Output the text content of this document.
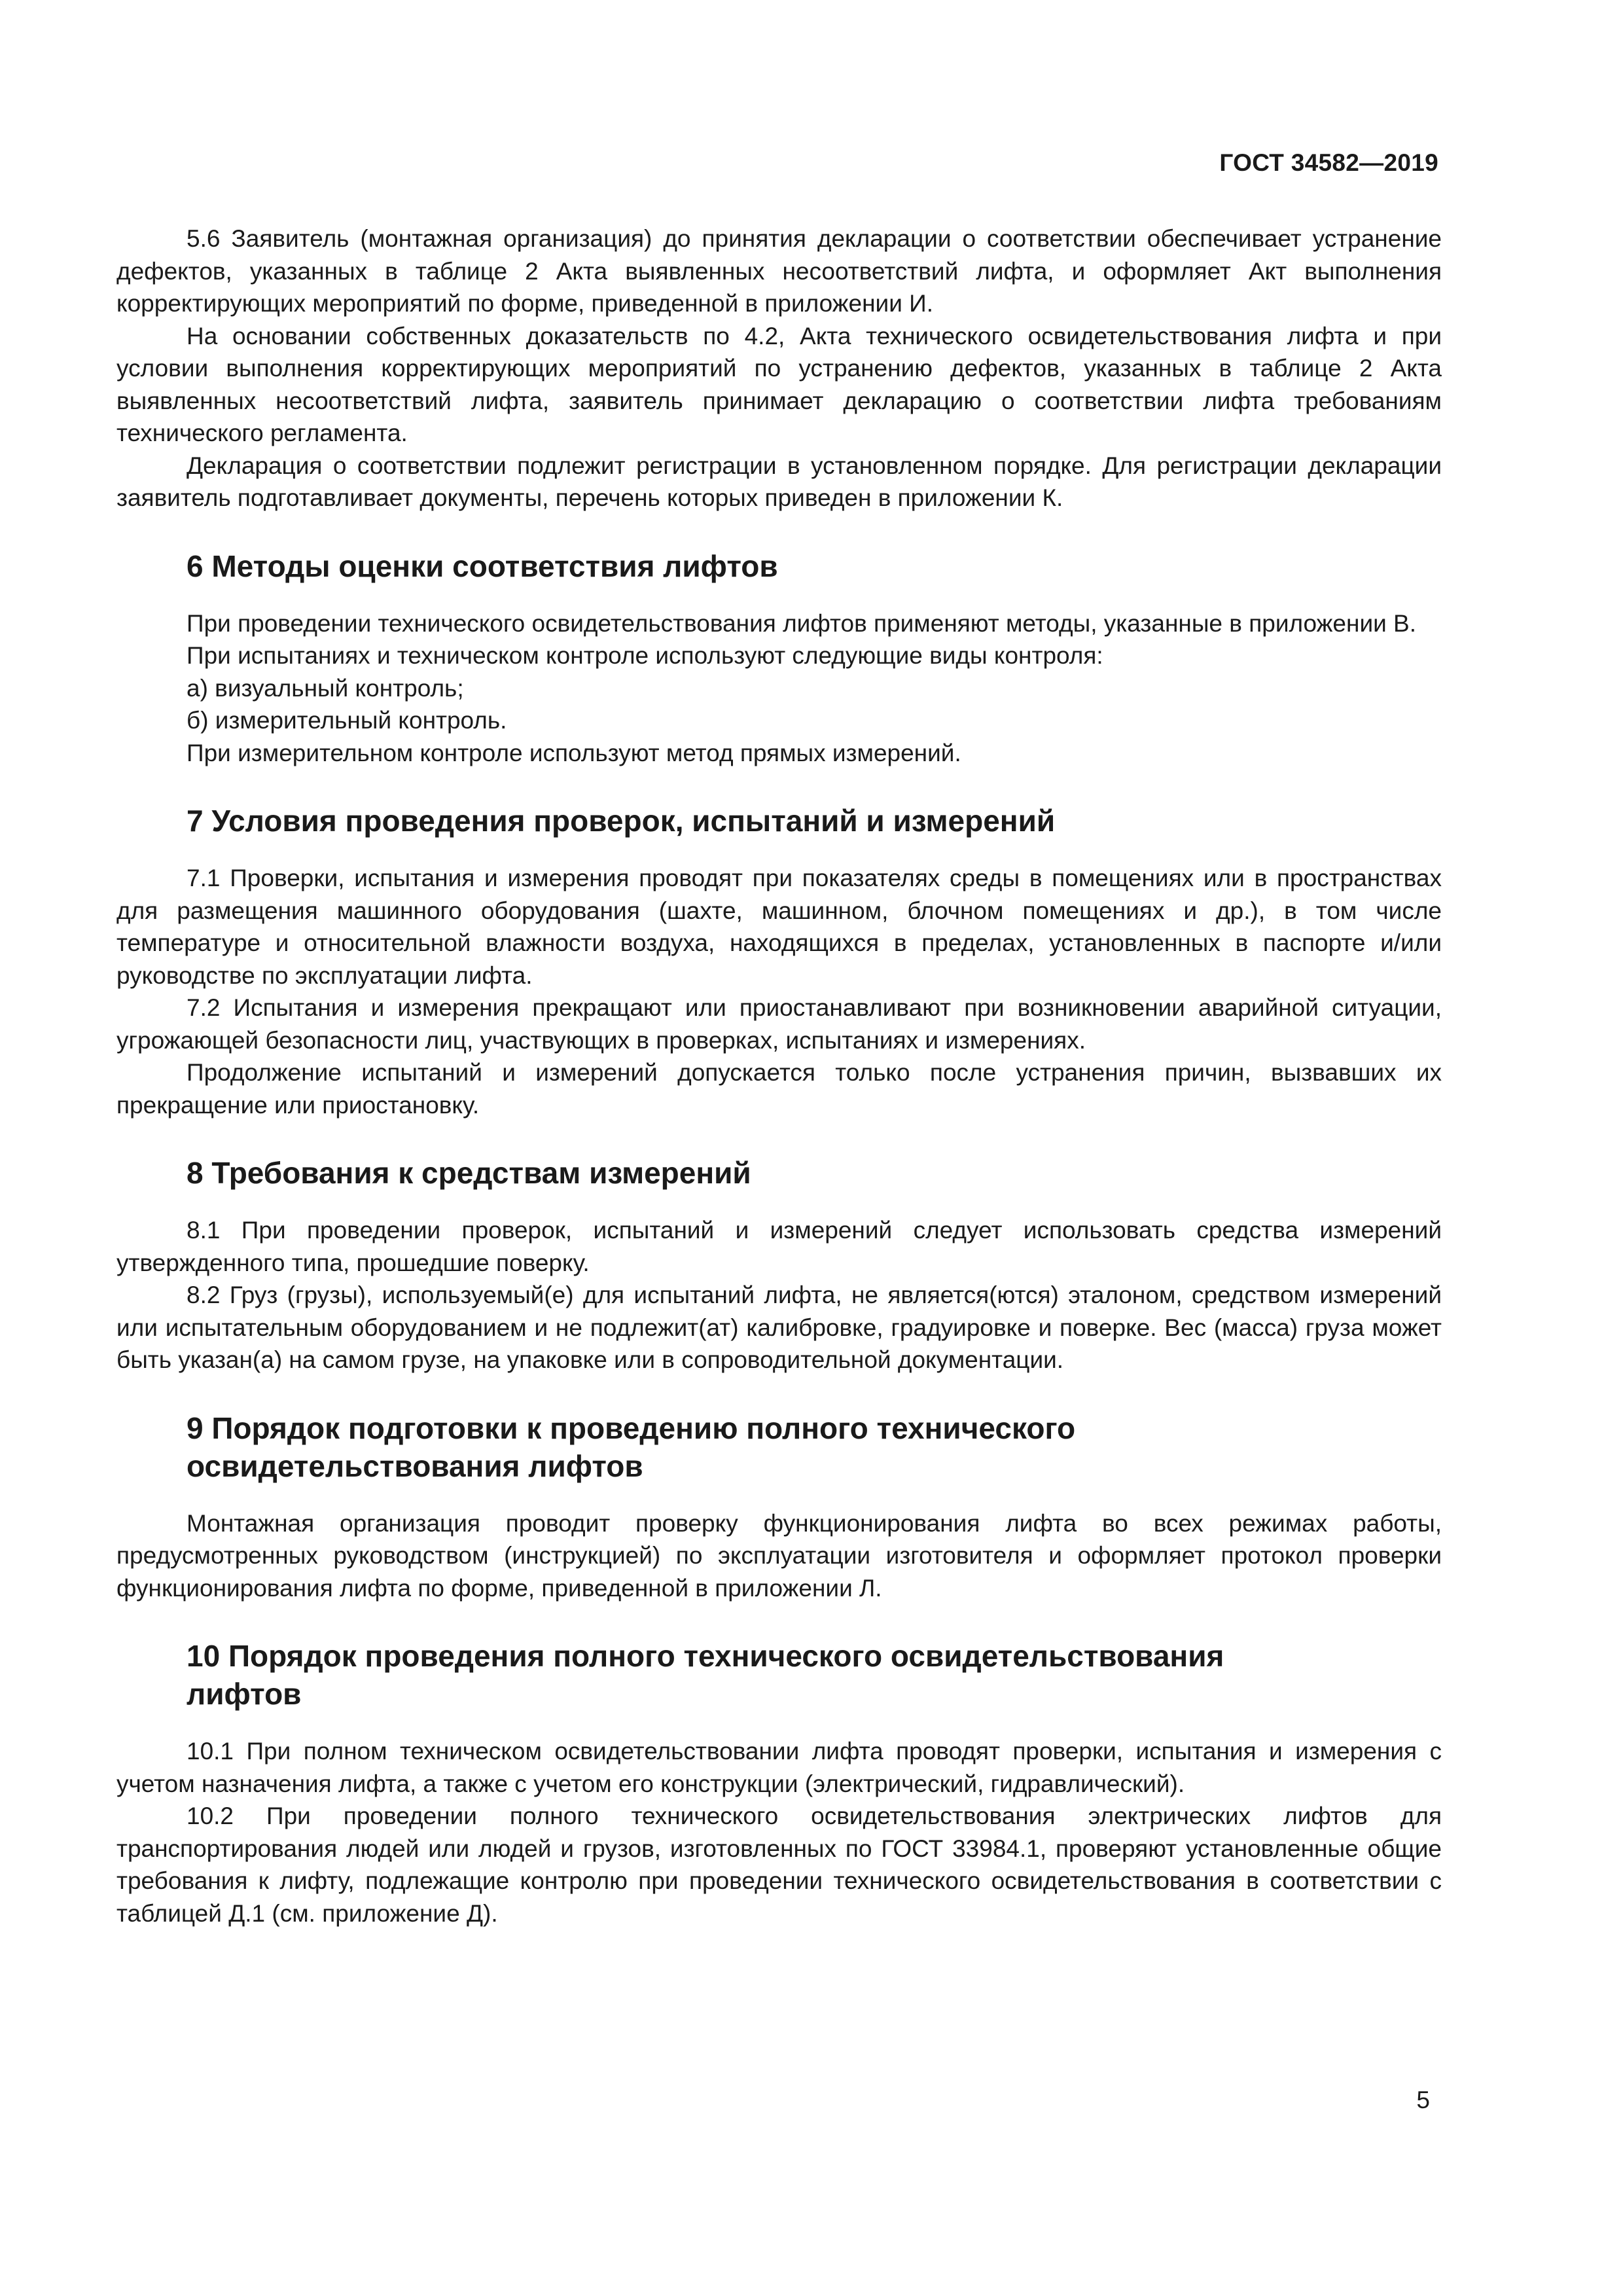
ГОСТ 34582—2019

5.6 Заявитель (монтажная организация) до принятия декларации о соответствии обеспечивает устранение дефектов, указанных в таблице 2 Акта выявленных несоответствий лифта, и оформляет Акт выполнения корректирующих мероприятий по форме, приведенной в приложении И.

На основании собственных доказательств по 4.2, Акта технического освидетельствования лифта и при условии выполнения корректирующих мероприятий по устранению дефектов, указанных в таблице 2 Акта выявленных несоответствий лифта, заявитель принимает декларацию о соответствии лифта требованиям технического регламента.

Декларация о соответствии подлежит регистрации в установленном порядке. Для регистрации декларации заявитель подготавливает документы, перечень которых приведен в приложении К.

6 Методы оценки соответствия лифтов

При проведении технического освидетельствования лифтов применяют методы, указанные в приложении В.

При испытаниях и техническом контроле используют следующие виды контроля:

а) визуальный контроль;

б) измерительный контроль.

При измерительном контроле используют метод прямых измерений.

7 Условия проведения проверок, испытаний и измерений

7.1 Проверки, испытания и измерения проводят при показателях среды в помещениях или в пространствах для размещения машинного оборудования (шахте, машинном, блочном помещениях и др.), в том числе температуре и относительной влажности воздуха, находящихся в пределах, установленных в паспорте и/или руководстве по эксплуатации лифта.

7.2 Испытания и измерения прекращают или приостанавливают при возникновении аварийной ситуации, угрожающей безопасности лиц, участвующих в проверках, испытаниях и измерениях.

Продолжение испытаний и измерений допускается только после устранения причин, вызвавших их прекращение или приостановку.

8 Требования к средствам измерений

8.1 При проведении проверок, испытаний и измерений следует использовать средства измерений утвержденного типа, прошедшие поверку.

8.2 Груз (грузы), используемый(е) для испытаний лифта, не является(ются) эталоном, средством измерений или испытательным оборудованием и не подлежит(ат) калибровке, градуировке и поверке. Вес (масса) груза может быть указан(а) на самом грузе, на упаковке или в сопроводительной документации.

9 Порядок подготовки к проведению полного технического
освидетельствования лифтов

Монтажная организация проводит проверку функционирования лифта во всех режимах работы, предусмотренных руководством (инструкцией) по эксплуатации изготовителя и оформляет протокол проверки функционирования лифта по форме, приведенной в приложении Л.

10 Порядок проведения полного технического освидетельствования
лифтов

10.1 При полном техническом освидетельствовании лифта проводят проверки, испытания и измерения с учетом назначения лифта, а также с учетом его конструкции (электрический, гидравлический).

10.2 При проведении полного технического освидетельствования электрических лифтов для транспортирования людей или людей и грузов, изготовленных по ГОСТ 33984.1, проверяют установленные общие требования к лифту, подлежащие контролю при проведении технического освидетельствования в соответствии с таблицей Д.1 (см. приложение Д).

5
